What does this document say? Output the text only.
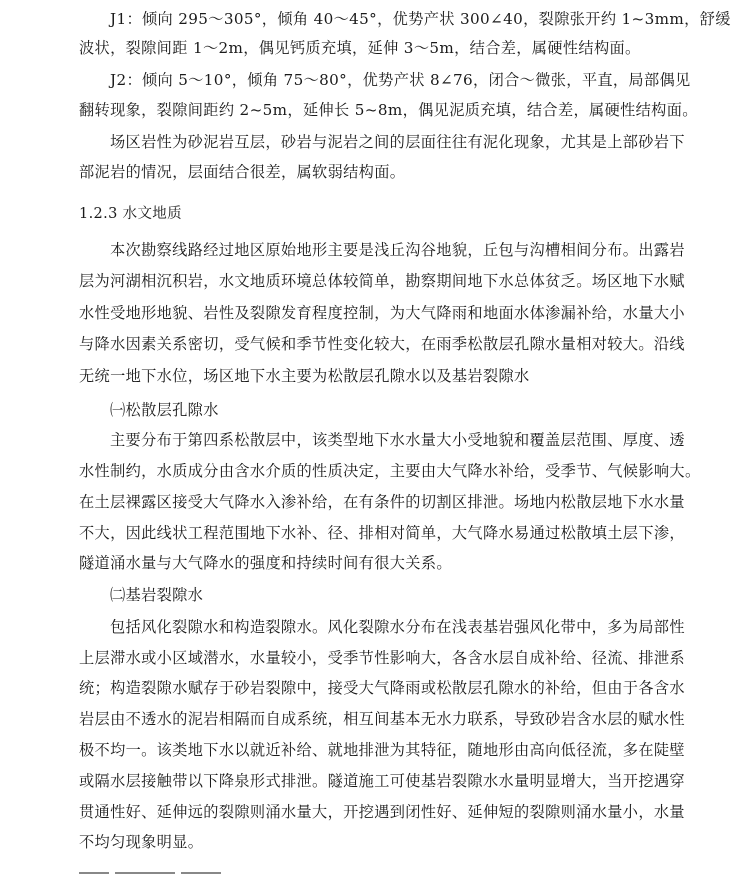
J1：倾向 295～305°，倾角 40～45°，优势产状 300∠40，裂隙张开约 1~3mm，舒缓
波状，裂隙间距 1～2m，偶见钙质充填，延伸 3～5m，结合差，属硬性结构面。
J2：倾向 5～10°，倾角 75～80°，优势产状 8∠76，闭合～微张，平直，局部偶见
翻转现象，裂隙间距约 2~5m，延伸长 5~8m，偶见泥质充填，结合差，属硬性结构面。
场区岩性为砂泥岩互层，砂岩与泥岩之间的层面往往有泥化现象，尤其是上部砂岩下
部泥岩的情况，层面结合很差，属软弱结构面。
1.2.3 水文地质
本次勘察线路经过地区原始地形主要是浅丘沟谷地貌，丘包与沟槽相间分布。出露岩
层为河湖相沉积岩，水文地质环境总体较简单，勘察期间地下水总体贫乏。场区地下水赋
水性受地形地貌、岩性及裂隙发育程度控制，为大气降雨和地面水体渗漏补给，水量大小
与降水因素关系密切，受气候和季节性变化较大，在雨季松散层孔隙水量相对较大。沿线
无统一地下水位，场区地下水主要为松散层孔隙水以及基岩裂隙水
㈠松散层孔隙水
主要分布于第四系松散层中，该类型地下水水量大小受地貌和覆盖层范围、厚度、透
水性制约，水质成分由含水介质的性质决定，主要由大气降水补给，受季节、气候影响大。
在土层裸露区接受大气降水入渗补给，在有条件的切割区排泄。场地内松散层地下水水量
不大，因此线状工程范围地下水补、径、排相对简单，大气降水易通过松散填土层下渗，
隧道涌水量与大气降水的强度和持续时间有很大关系。
㈡基岩裂隙水
包括风化裂隙水和构造裂隙水。风化裂隙水分布在浅表基岩强风化带中，多为局部性
上层滞水或小区域潜水，水量较小，受季节性影响大，各含水层自成补给、径流、排泄系
统；构造裂隙水赋存于砂岩裂隙中，接受大气降雨或松散层孔隙水的补给，但由于各含水
岩层由不透水的泥岩相隔而自成系统，相互间基本无水力联系，导致砂岩含水层的赋水性
极不均一。该类地下水以就近补给、就地排泄为其特征，随地形由高向低径流，多在陡壁
或隔水层接触带以下降泉形式排泄。隧道施工可使基岩裂隙水水量明显增大，当开挖遇穿
贯通性好、延伸远的裂隙则涌水量大，开挖遇到闭性好、延伸短的裂隙则涌水量小，水量
不均匀现象明显。
